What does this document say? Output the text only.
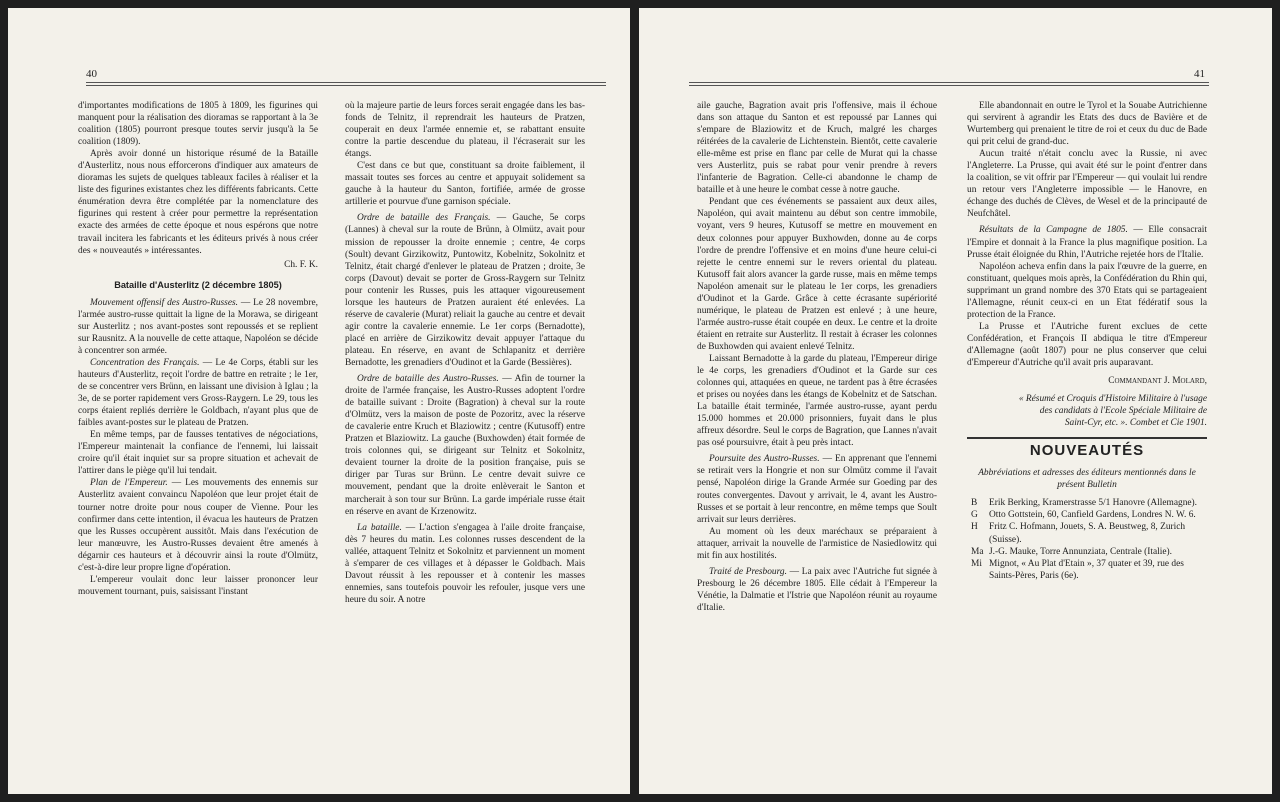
40

d'importantes modifications de 1805 à 1809, les figurines qui manquent pour la réalisation des dioramas se rapportant à la 3e coalition (1805) pourront presque toutes servir jusqu'à la 5e coalition (1809).

Après avoir donné un historique résumé de la Bataille d'Austerlitz, nous nous efforcerons d'indiquer aux amateurs de dioramas les sujets de quelques tableaux faciles à réaliser et la liste des figurines existantes chez les différents fabricants. Cette énumération devra être complétée par la nomenclature des figurines qui restent à créer pour permettre la représentation exacte des armées de cette époque et nous espérons que notre travail incitera les fabricants et les éditeurs privés à nous créer des « nouveautés » intéressantes.

Ch. F. K.
Bataille d'Austerlitz (2 décembre 1805)

Mouvement offensif des Austro-Russes. — Le 28 novembre, l'armée austro-russe quittait la ligne de la Morawa, se dirigeant sur Austerlitz ; nos avant-postes sont repoussés et se replient sur Rausnitz. A la nouvelle de cette attaque, Napoléon se décide à concentrer son armée.

Concentration des Français. — Le 4e Corps, établi sur les hauteurs d'Austerlitz, reçoit l'ordre de battre en retraite ; le 1er, de se concentrer vers Brünn, en laissant une division à Iglau ; la 3e, de se porter rapidement vers Gross-Raygern. Le 29, tous les corps étaient repliés derrière le Goldbach, n'ayant plus que de faibles avant-postes sur le plateau de Pratzen.

En même temps, par de fausses tentatives de négociations, l'Empereur maintenait la confiance de l'ennemi, lui laissait croire qu'il était inquiet sur sa propre situation et achevait de l'attirer dans le piège qu'il lui tendait.

Plan de l'Empereur. — Les mouvements des ennemis sur Austerlitz avaient convaincu Napoléon que leur projet était de tourner notre droite pour nous couper de Vienne. Pour les confirmer dans cette intention, il évacua les hauteurs de Pratzen que les Russes occupèrent aussitôt. Mais dans l'exécution de leur manœuvre, les Austro-Russes devaient être amenés à dégarnir ces hauteurs et à découvrir ainsi la route d'Olmütz, c'est-à-dire leur propre ligne d'opération.

L'empereur voulait donc leur laisser prononcer leur mouvement tournant, puis, saisissant l'instant

où la majeure partie de leurs forces serait engagée dans les bas-fonds de Telnitz, il reprendrait les hauteurs de Pratzen, couperait en deux l'armée ennemie et, se rabattant ensuite contre la partie descendue du plateau, il l'écraserait sur les étangs.

C'est dans ce but que, constituant sa droite faiblement, il massait toutes ses forces au centre et appuyait solidement sa gauche à la hauteur du Santon, fortifiée, armée de grosse artillerie et pourvue d'une garnison spéciale.

Ordre de bataille des Français. — Gauche, 5e corps (Lannes) à cheval sur la route de Brünn, à Olmütz, avait pour mission de repousser la droite ennemie ; centre, 4e corps (Soult) devant Girzikowitz, Puntowitz, Kobelnitz, Sokolnitz et Telnitz, était chargé d'enlever le plateau de Pratzen ; droite, 3e corps (Davout) devait se porter de Gross-Raygern sur Telnitz pour contenir les Russes, puis les attaquer vigoureusement lorsque les hauteurs de Pratzen auraient été enlevées. La réserve de cavalerie (Murat) reliait la gauche au centre et devait agir contre la cavalerie ennemie. Le 1er corps (Bernadotte), placé en arrière de Girzikowitz devait appuyer l'attaque du plateau. En réserve, en avant de Schlapanitz et derrière Bernadotte, les grenadiers d'Oudinot et la Garde (Bessières).

Ordre de bataille des Austro-Russes. — Afin de tourner la droite de l'armée française, les Austro-Russes adoptent l'ordre de bataille suivant : Droite (Bagration) à cheval sur la route d'Olmütz, vers la maison de poste de Pozoritz, avec la réserve de cavalerie entre Kruch et Blaziowitz ; centre (Kutusoff) entre Pratzen et Blaziowitz. La gauche (Buxhowden) était formée de trois colonnes qui, se dirigeant sur Telnitz et Sokolnitz, devaient tourner la droite de la position française, puis se diriger par Turas sur Brünn. Le centre devait suivre ce mouvement, pendant que la droite enlèverait le Santon et marcherait à son tour sur Brünn. La garde impériale russe était en réserve en avant de Krzenowitz.

La bataille. — L'action s'engagea à l'aile droite française, dès 7 heures du matin. Les colonnes russes descendent de la vallée, attaquent Telnitz et Sokolnitz et parviennent un moment à s'emparer de ces villages et à dépasser le Goldbach. Mais Davout réussit à les repousser et à contenir les masses ennemies, sans toutefois pouvoir les refouler, jusque vers une heure du soir. A notre

41

aile gauche, Bagration avait pris l'offensive, mais il échoue dans son attaque du Santon et est repoussé par Lannes qui s'empare de Blaziowitz et de Kruch, malgré les charges réitérées de la cavalerie de Lichtenstein. Bientôt, cette cavalerie elle-même est prise en flanc par celle de Murat qui la chasse vers Austerlitz, puis se rabat pour venir prendre à revers l'infanterie de Bagration. Celle-ci abandonne le champ de bataille et à une heure le combat cesse à notre gauche.

Pendant que ces événements se passaient aux deux ailes, Napoléon, qui avait maintenu au début son centre immobile, voyant, vers 9 heures, Kutusoff se mettre en mouvement en deux colonnes pour appuyer Buxhowden, donne au 4e corps l'ordre de prendre l'offensive et en moins d'une heure celui-ci rejette le centre ennemi sur le revers oriental du plateau. Kutusoff fait alors avancer la garde russe, mais en même temps Napoléon amenait sur le plateau le 1er corps, les grenadiers d'Oudinot et la Garde. Grâce à cette écrasante supériorité numérique, le plateau de Pratzen est enlevé ; à une heure, l'armée austro-russe était coupée en deux. Le centre et la droite étaient en retraite sur Austerlitz. Il restait à écraser les colonnes de Buxhowden qui avaient enlevé Telnitz.

Laissant Bernadotte à la garde du plateau, l'Empereur dirige le 4e corps, les grenadiers d'Oudinot et la Garde sur ces colonnes qui, attaquées en queue, ne tardent pas à être écrasées et prises ou noyées dans les étangs de Kobelnitz et de Satschan. La bataille était terminée, l'armée austro-russe, ayant perdu 15.000 hommes et 20.000 prisonniers, fuyait dans le plus affreux désordre. Seul le corps de Bagration, que Lannes n'avait pas osé poursuivre, était à peu près intact.

Poursuite des Austro-Russes. — En apprenant que l'ennemi se retirait vers la Hongrie et non sur Olmütz comme il l'avait pensé, Napoléon dirige la Grande Armée sur Goeding par des routes convergentes. Davout y arrivait, le 4, avant les Austro-Russes et se portait à leur rencontre, en même temps que Soult arrivait sur leurs derrières.

Au moment où les deux maréchaux se préparaient à attaquer, arrivait la nouvelle de l'armistice de Nasiedlowitz qui mit fin aux hostilités.

Traité de Presbourg. — La paix avec l'Autriche fut signée à Presbourg le 26 décembre 1805. Elle cédait à l'Empereur la Vénétie, la Dalmatie et l'Istrie que Napoléon réunit au royaume d'Italie.

Elle abandonnait en outre le Tyrol et la Souabe Autrichienne qui servirent à agrandir les Etats des ducs de Bavière et de Wurtemberg qui prenaient le titre de roi et ceux du duc de Bade qui prit celui de grand-duc.

Aucun traité n'était conclu avec la Russie, ni avec l'Angleterre. La Prusse, qui avait été sur le point d'entrer dans la coalition, se vit offrir par l'Empereur — qui voulait lui rendre un retour vers l'Angleterre impossible — le Hanovre, en échange des duchés de Clèves, de Wesel et de la principauté de Neufchâtel.

Résultats de la Campagne de 1805. — Elle consacrait l'Empire et donnait à la France la plus magnifique position. La Prusse était éloignée du Rhin, l'Autriche rejetée hors de l'Italie.

Napoléon acheva enfin dans la paix l'œuvre de la guerre, en constituant, quelques mois après, la Confédération du Rhin qui, supprimant un grand nombre des 370 Etats qui se partageaient l'Allemagne, réunit ceux-ci en un Etat fédératif sous la protection de la France.

La Prusse et l'Autriche furent exclues de cette Confédération, et François II abdiqua le titre d'Empereur d'Allemagne (août 1807) pour ne plus conserver que celui d'Empereur d'Autriche qu'il avait pris auparavant.

Commandant J. Molard,
« Résumé et Croquis d'Histoire Militaire à l'usage des candidats à l'Ecole Spéciale Militaire de Saint-Cyr, etc. ». Combet et Cie 1901.
NOUVEAUTÉS
Abbréviations et adresses des éditeurs mentionnés dans le présent Bulletin
B	Erik Berking, Kramerstrasse 5/1 Hanovre (Allemagne).
G	Otto Gottstein, 60, Canfield Gardens, Londres N. W. 6.
H	Fritz C. Hofmann, Jouets, S. A. Beustweg, 8, Zurich (Suisse).
Ma J.-G. Mauke, Torre Annunziata, Centrale (Italie).
Mi Mignot, « Au Plat d'Etain », 37 quater et 39, rue des Saints-Pères, Paris (6e).
